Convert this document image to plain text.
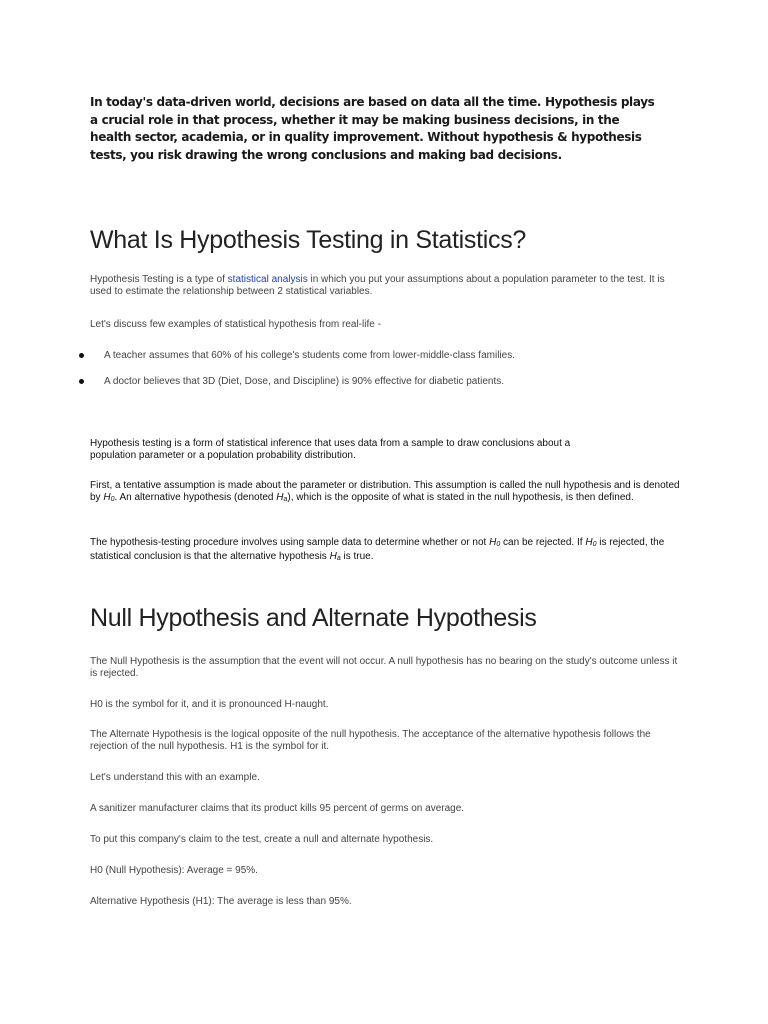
In today's data-driven world, decisions are based on data all the time. Hypothesis plays a crucial role in that process, whether it may be making business decisions, in the health sector, academia, or in quality improvement. Without hypothesis & hypothesis tests, you risk drawing the wrong conclusions and making bad decisions.

What Is Hypothesis Testing in Statistics?

Hypothesis Testing is a type of statistical analysis in which you put your assumptions about a population parameter to the test. It is used to estimate the relationship between 2 statistical variables.

Let's discuss few examples of statistical hypothesis from real-life -

A teacher assumes that 60% of his college's students come from lower-middle-class families.
A doctor believes that 3D (Diet, Dose, and Discipline) is 90% effective for diabetic patients.

Hypothesis testing is a form of statistical inference that uses data from a sample to draw conclusions about a population parameter or a population probability distribution.

First, a tentative assumption is made about the parameter or distribution. This assumption is called the null hypothesis and is denoted by $H_0$. An alternative hypothesis (denoted $H_a$), which is the opposite of what is stated in the null hypothesis, is then defined.

The hypothesis-testing procedure involves using sample data to determine whether or not $H_0$ can be rejected. If $H_0$ is rejected, the statistical conclusion is that the alternative hypothesis $H_a$ is true.

Null Hypothesis and Alternate Hypothesis

The Null Hypothesis is the assumption that the event will not occur. A null hypothesis has no bearing on the study's outcome unless it is rejected.

H0 is the symbol for it, and it is pronounced H-naught.

The Alternate Hypothesis is the logical opposite of the null hypothesis. The acceptance of the alternative hypothesis follows the rejection of the null hypothesis. H1 is the symbol for it.

Let's understand this with an example.

A sanitizer manufacturer claims that its product kills 95 percent of germs on average.

To put this company's claim to the test, create a null and alternate hypothesis.

H0 (Null Hypothesis): Average = 95%.

Alternative Hypothesis (H1): The average is less than 95%.
